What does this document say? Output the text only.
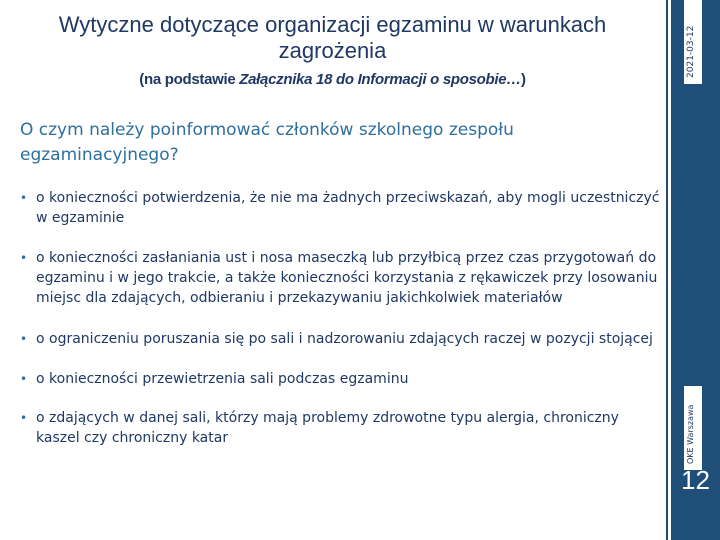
2021-03-12
OKE Warszawa
12
Wytyczne dotyczące organizacji egzaminu w warunkach zagrożenia
(na podstawie Załącznika 18 do Informacji o sposobie…)
O czym należy poinformować członków szkolnego zespołu egzaminacyjnego?
• o konieczności potwierdzenia, że nie ma żadnych przeciwskazań, aby mogli uczestniczyć w egzaminie
• o konieczności zasłaniania ust i nosa maseczką lub przyłbicą przez czas przygotowań do egzaminu i w jego trakcie, a także konieczności korzystania z rękawiczek przy losowaniu miejsc dla zdających, odbieraniu i przekazywaniu jakichkolwiek materiałów
• o ograniczeniu poruszania się po sali i nadzorowaniu zdających raczej w pozycji stojącej
• o konieczności przewietrzenia sali podczas egzaminu
• o zdających w danej sali, którzy mają problemy zdrowotne typu alergia, chroniczny kaszel czy chroniczny katar
